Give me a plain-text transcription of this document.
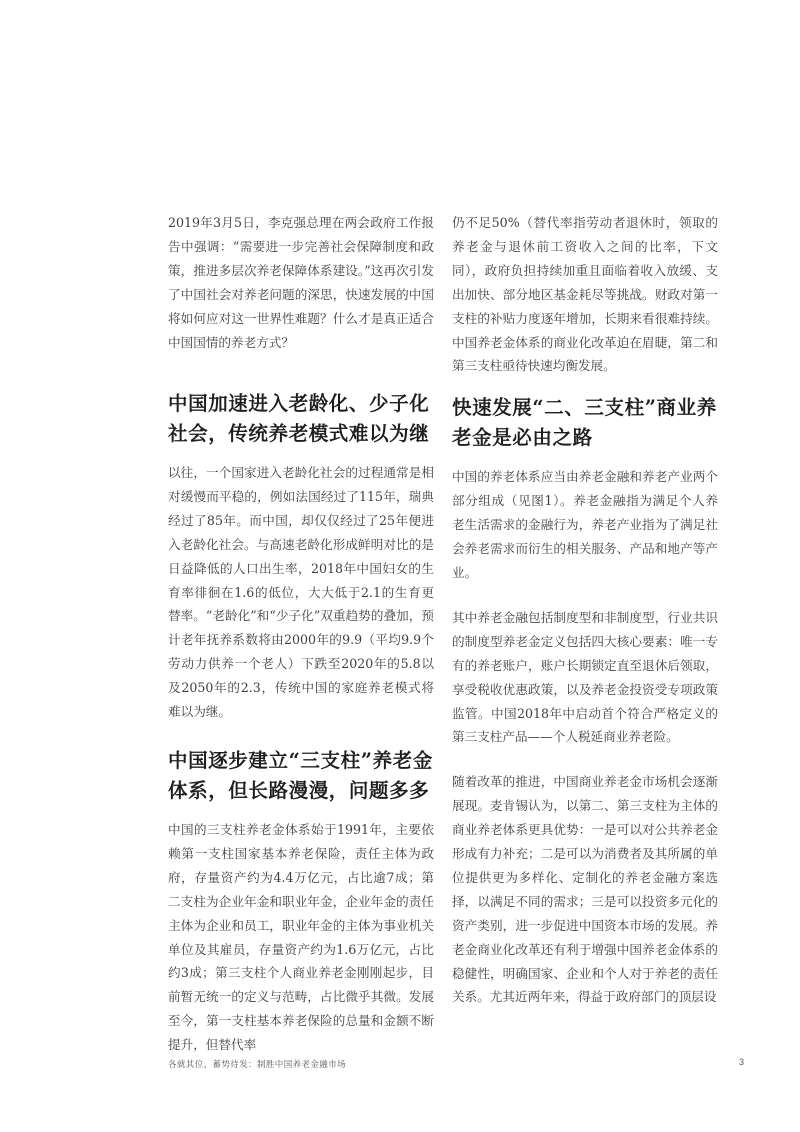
2019年3月5日，李克强总理在两会政府工作报告中强调：“需要进一步完善社会保障制度和政策，推进多层次养老保障体系建设。”这再次引发了中国社会对养老问题的深思，快速发展的中国将如何应对这一世界性难题？什么才是真正适合中国国情的养老方式？

中国加速进入老龄化、少子化社会，传统养老模式难以为继

以往，一个国家进入老龄化社会的过程通常是相对缓慢而平稳的，例如法国经过了115年，瑞典经过了85年。而中国，却仅仅经过了25年便进入老龄化社会。与高速老龄化形成鲜明对比的是日益降低的人口出生率，2018年中国妇女的生育率徘徊在1.6的低位，大大低于2.1的生育更替率。“老龄化”和“少子化”双重趋势的叠加，预计老年抚养系数将由2000年的9.9（平均9.9个劳动力供养一个老人）下跌至2020年的5.8以及2050年的2.3，传统中国的家庭养老模式将难以为继。

中国逐步建立“三支柱”养老金体系，但长路漫漫，问题多多

中国的三支柱养老金体系始于1991年，主要依赖第一支柱国家基本养老保险，责任主体为政府，存量资产约为4.4万亿元，占比逾7成；第二支柱为企业年金和职业年金，企业年金的责任主体为企业和员工，职业年金的主体为事业机关单位及其雇员，存量资产约为1.6万亿元，占比约3成；第三支柱个人商业养老金刚刚起步，目前暂无统一的定义与范畴，占比微乎其微。发展至今，第一支柱基本养老保险的总量和金额不断提升，但替代率

仍不足50%（替代率指劳动者退休时，领取的养老金与退休前工资收入之间的比率，下文同），政府负担持续加重且面临着收入放缓、支出加快、部分地区基金耗尽等挑战。财政对第一支柱的补贴力度逐年增加，长期来看很难持续。中国养老金体系的商业化改革迫在眉睫，第二和第三支柱亟待快速均衡发展。

快速发展“二、三支柱”商业养老金是必由之路

中国的养老体系应当由养老金融和养老产业两个部分组成（见图1）。养老金融指为满足个人养老生活需求的金融行为，养老产业指为了满足社会养老需求而衍生的相关服务、产品和地产等产业。

其中养老金融包括制度型和非制度型，行业共识的制度型养老金定义包括四大核心要素：唯一专有的养老账户，账户长期锁定直至退休后领取，享受税收优惠政策，以及养老金投资受专项政策监管。中国2018年中启动首个符合严格定义的第三支柱产品——个人税延商业养老险。

随着改革的推进，中国商业养老金市场机会逐渐展现。麦肯锡认为，以第二、第三支柱为主体的商业养老体系更具优势：一是可以对公共养老金形成有力补充；二是可以为消费者及其所属的单位提供更为多样化、定制化的养老金融方案选择，以满足不同的需求；三是可以投资多元化的资产类别，进一步促进中国资本市场的发展。养老金商业化改革还有利于增强中国养老金体系的稳健性，明确国家、企业和个人对于养老的责任关系。尤其近两年来，得益于政府部门的顶层设

各就其位，蓄势待发：制胜中国养老金融市场	3
